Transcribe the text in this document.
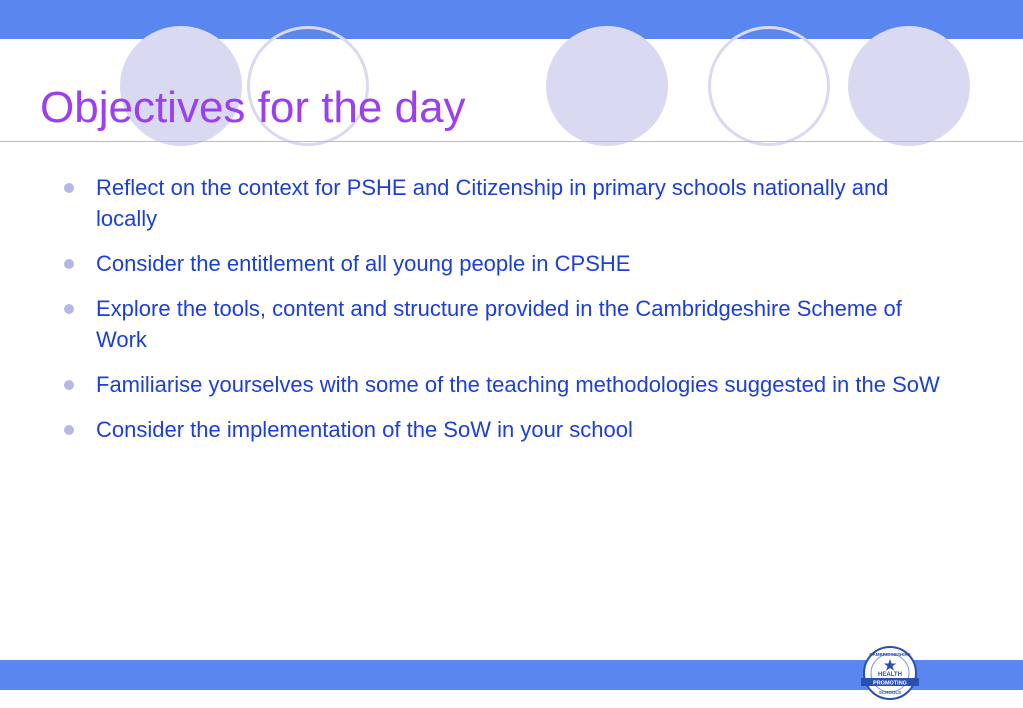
Objectives for the day
Reflect on the context for PSHE and Citizenship in primary schools nationally and locally
Consider the entitlement of all young people in CPSHE
Explore the tools, content and structure provided in the Cambridgeshire Scheme of Work
Familiarise yourselves with some of the teaching methodologies suggested in the SoW
Consider the implementation of the SoW in your school
CAMBRIDGESHIRE
HEALTH
PROMOTING
SCHOOLS
